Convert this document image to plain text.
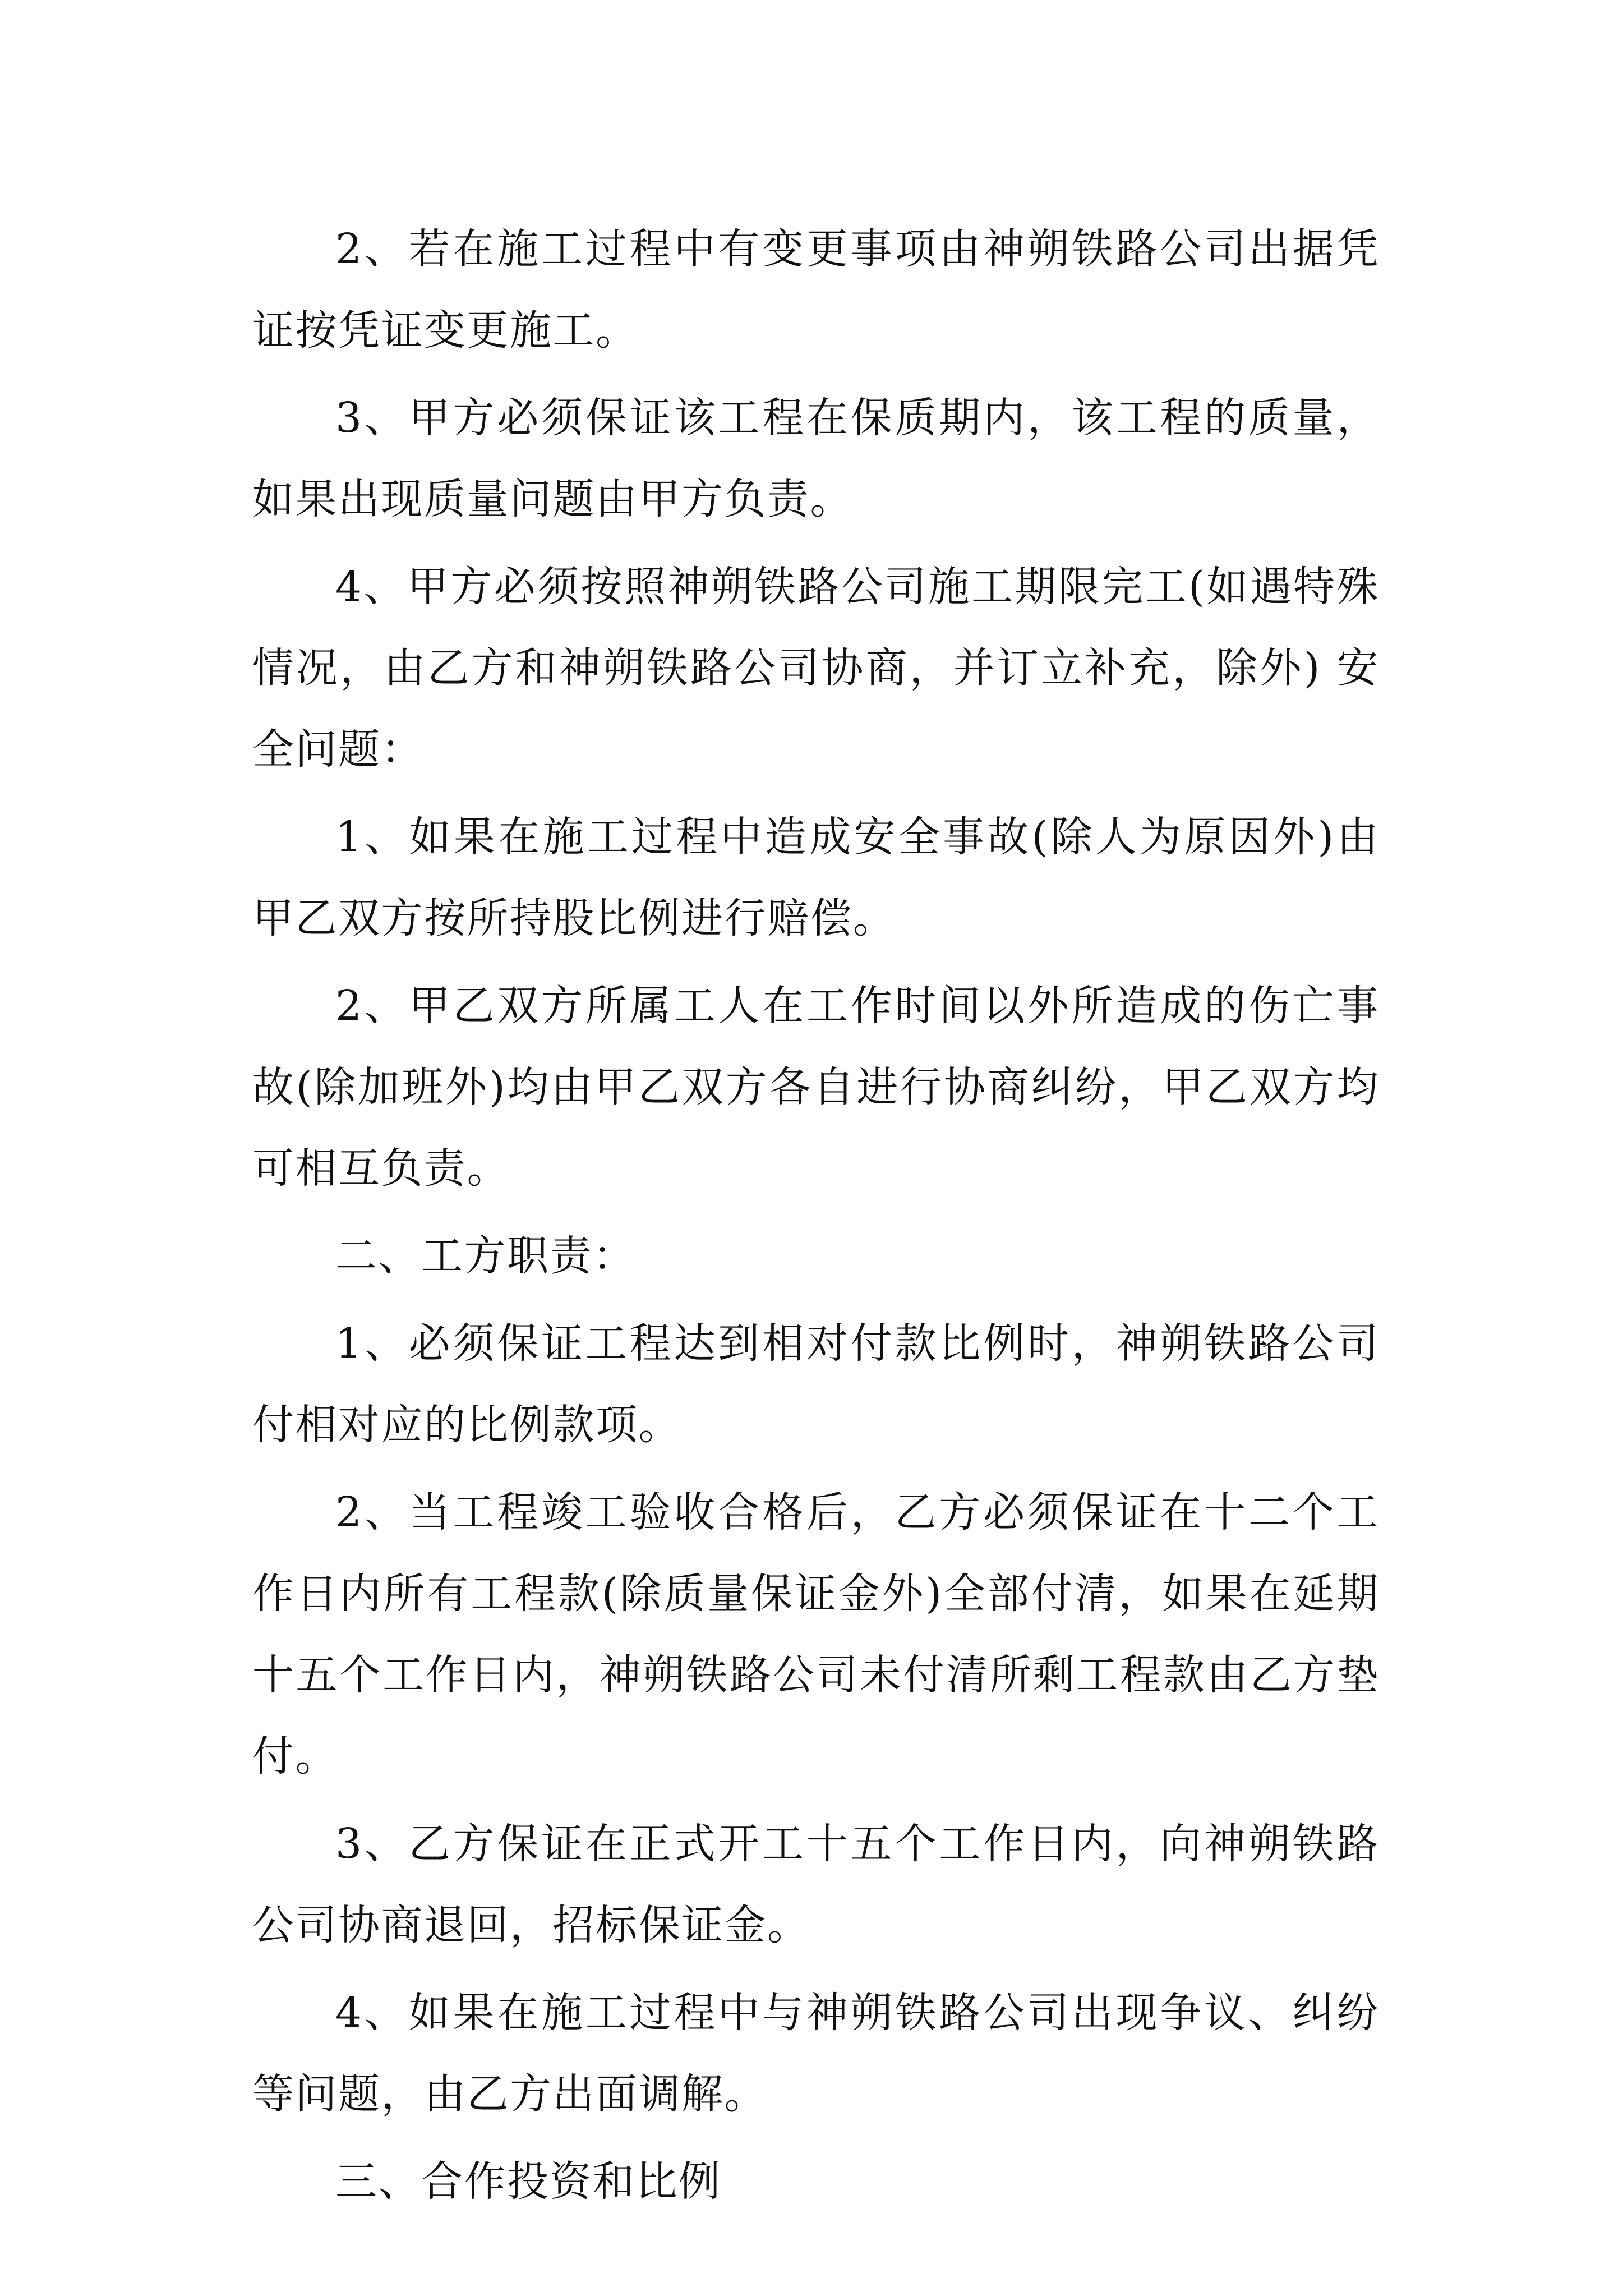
2、若在施工过程中有变更事项由神朔铁路公司出据凭证按凭证变更施工。

3、甲方必须保证该工程在保质期内，该工程的质量，如果出现质量问题由甲方负责。

4、甲方必须按照神朔铁路公司施工期限完工(如遇特殊情况，由乙方和神朔铁路公司协商，并订立补充，除外) 安全问题：

1、如果在施工过程中造成安全事故(除人为原因外)由甲乙双方按所持股比例进行赔偿。

2、甲乙双方所属工人在工作时间以外所造成的伤亡事故(除加班外)均由甲乙双方各自进行协商纠纷，甲乙双方均可相互负责。

二、工方职责：

1、必须保证工程达到相对付款比例时，神朔铁路公司付相对应的比例款项。

2、当工程竣工验收合格后，乙方必须保证在十二个工作日内所有工程款(除质量保证金外)全部付清，如果在延期十五个工作日内，神朔铁路公司未付清所剩工程款由乙方垫付。

3、乙方保证在正式开工十五个工作日内，向神朔铁路公司协商退回，招标保证金。

4、如果在施工过程中与神朔铁路公司出现争议、纠纷等问题，由乙方出面调解。

三、合作投资和比例
